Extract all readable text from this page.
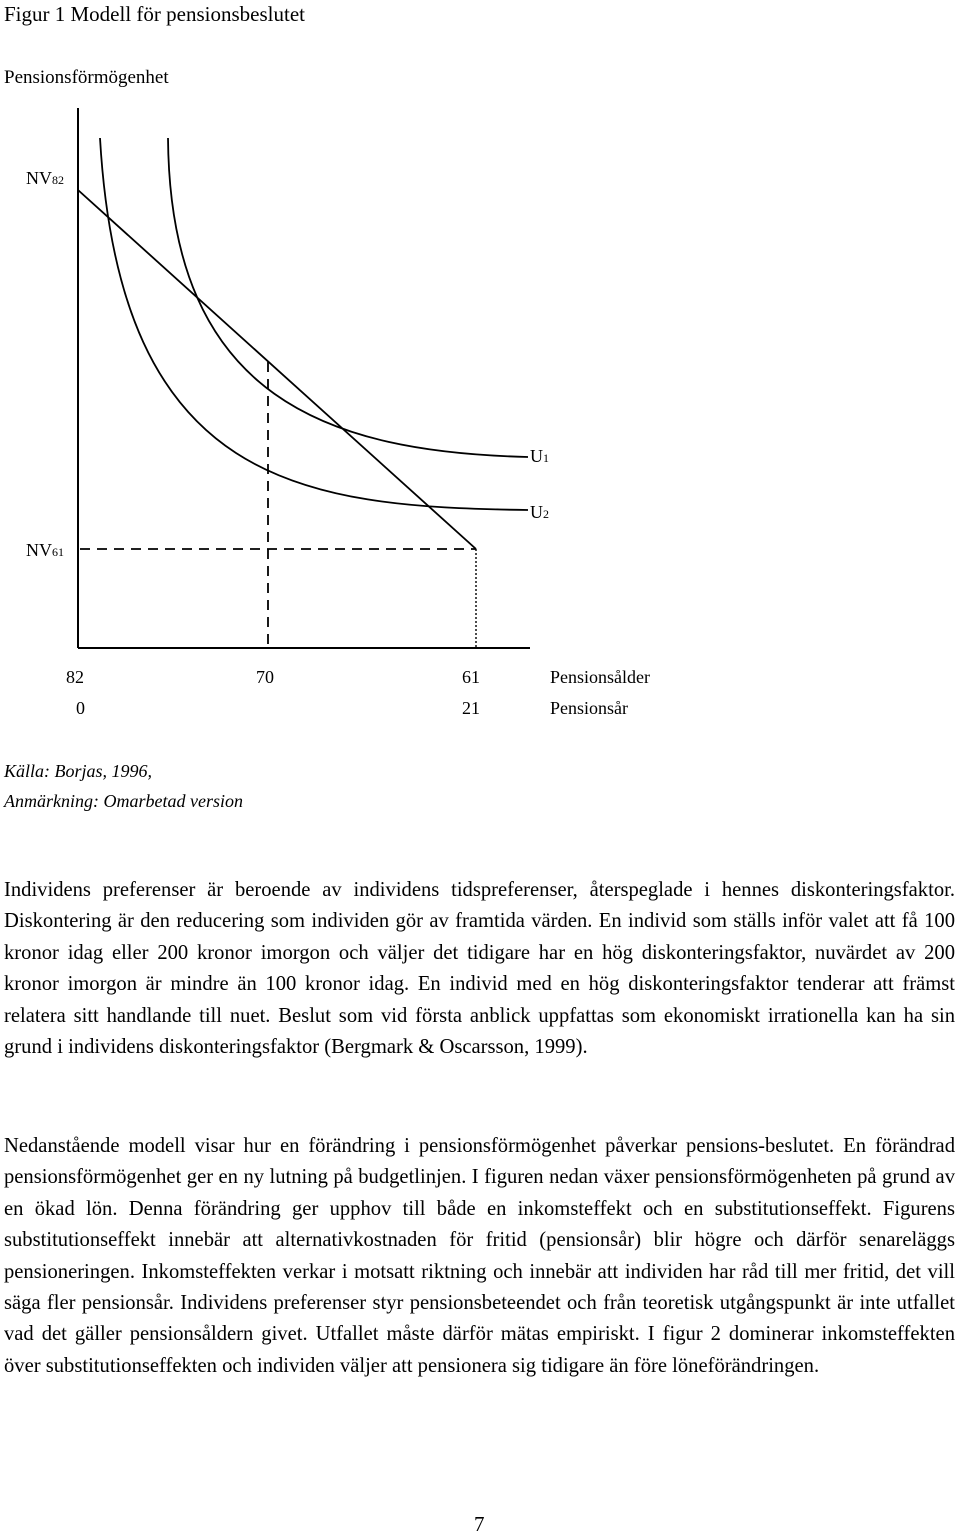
Figur 1 Modell för pensionsbeslutet
Pensionsförmögenhet
NV82
NV61
U1
U2
82	70	61	Pensionsålder
0	21	Pensionsår
Källa: Borjas, 1996,
Anmärkning: Omarbetad version

Individens preferenser är beroende av individens tidspreferenser, återspeglade i hennes diskonteringsfaktor. Diskontering är den reducering som individen gör av framtida värden. En individ som ställs inför valet att få 100 kronor idag eller 200 kronor imorgon och väljer det tidigare har en hög diskonteringsfaktor, nuvärdet av 200 kronor imorgon är mindre än 100 kronor idag. En individ med en hög diskonteringsfaktor tenderar att främst relatera sitt handlande till nuet. Beslut som vid första anblick uppfattas som ekonomiskt irrationella kan ha sin grund i individens diskonteringsfaktor (Bergmark & Oscarsson, 1999).

Nedanstående modell visar hur en förändring i pensionsförmögenhet påverkar pensions-beslutet. En förändrad pensionsförmögenhet ger en ny lutning på budgetlinjen. I figuren nedan växer pensionsförmögenheten på grund av en ökad lön. Denna förändring ger upphov till både en inkomsteffekt och en substitutionseffekt. Figurens substitutionseffekt innebär att alternativkostnaden för fritid (pensionsår) blir högre och därför senareläggs pensioneringen. Inkomsteffekten verkar i motsatt riktning och innebär att individen har råd till mer fritid, det vill säga fler pensionsår. Individens preferenser styr pensionsbeteendet och från teoretisk utgångspunkt är inte utfallet vad det gäller pensionsåldern givet. Utfallet måste därför mätas empiriskt. I figur 2 dominerar inkomsteffekten över substitutionseffekten och individen väljer att pensionera sig tidigare än före löneförändringen.

7
